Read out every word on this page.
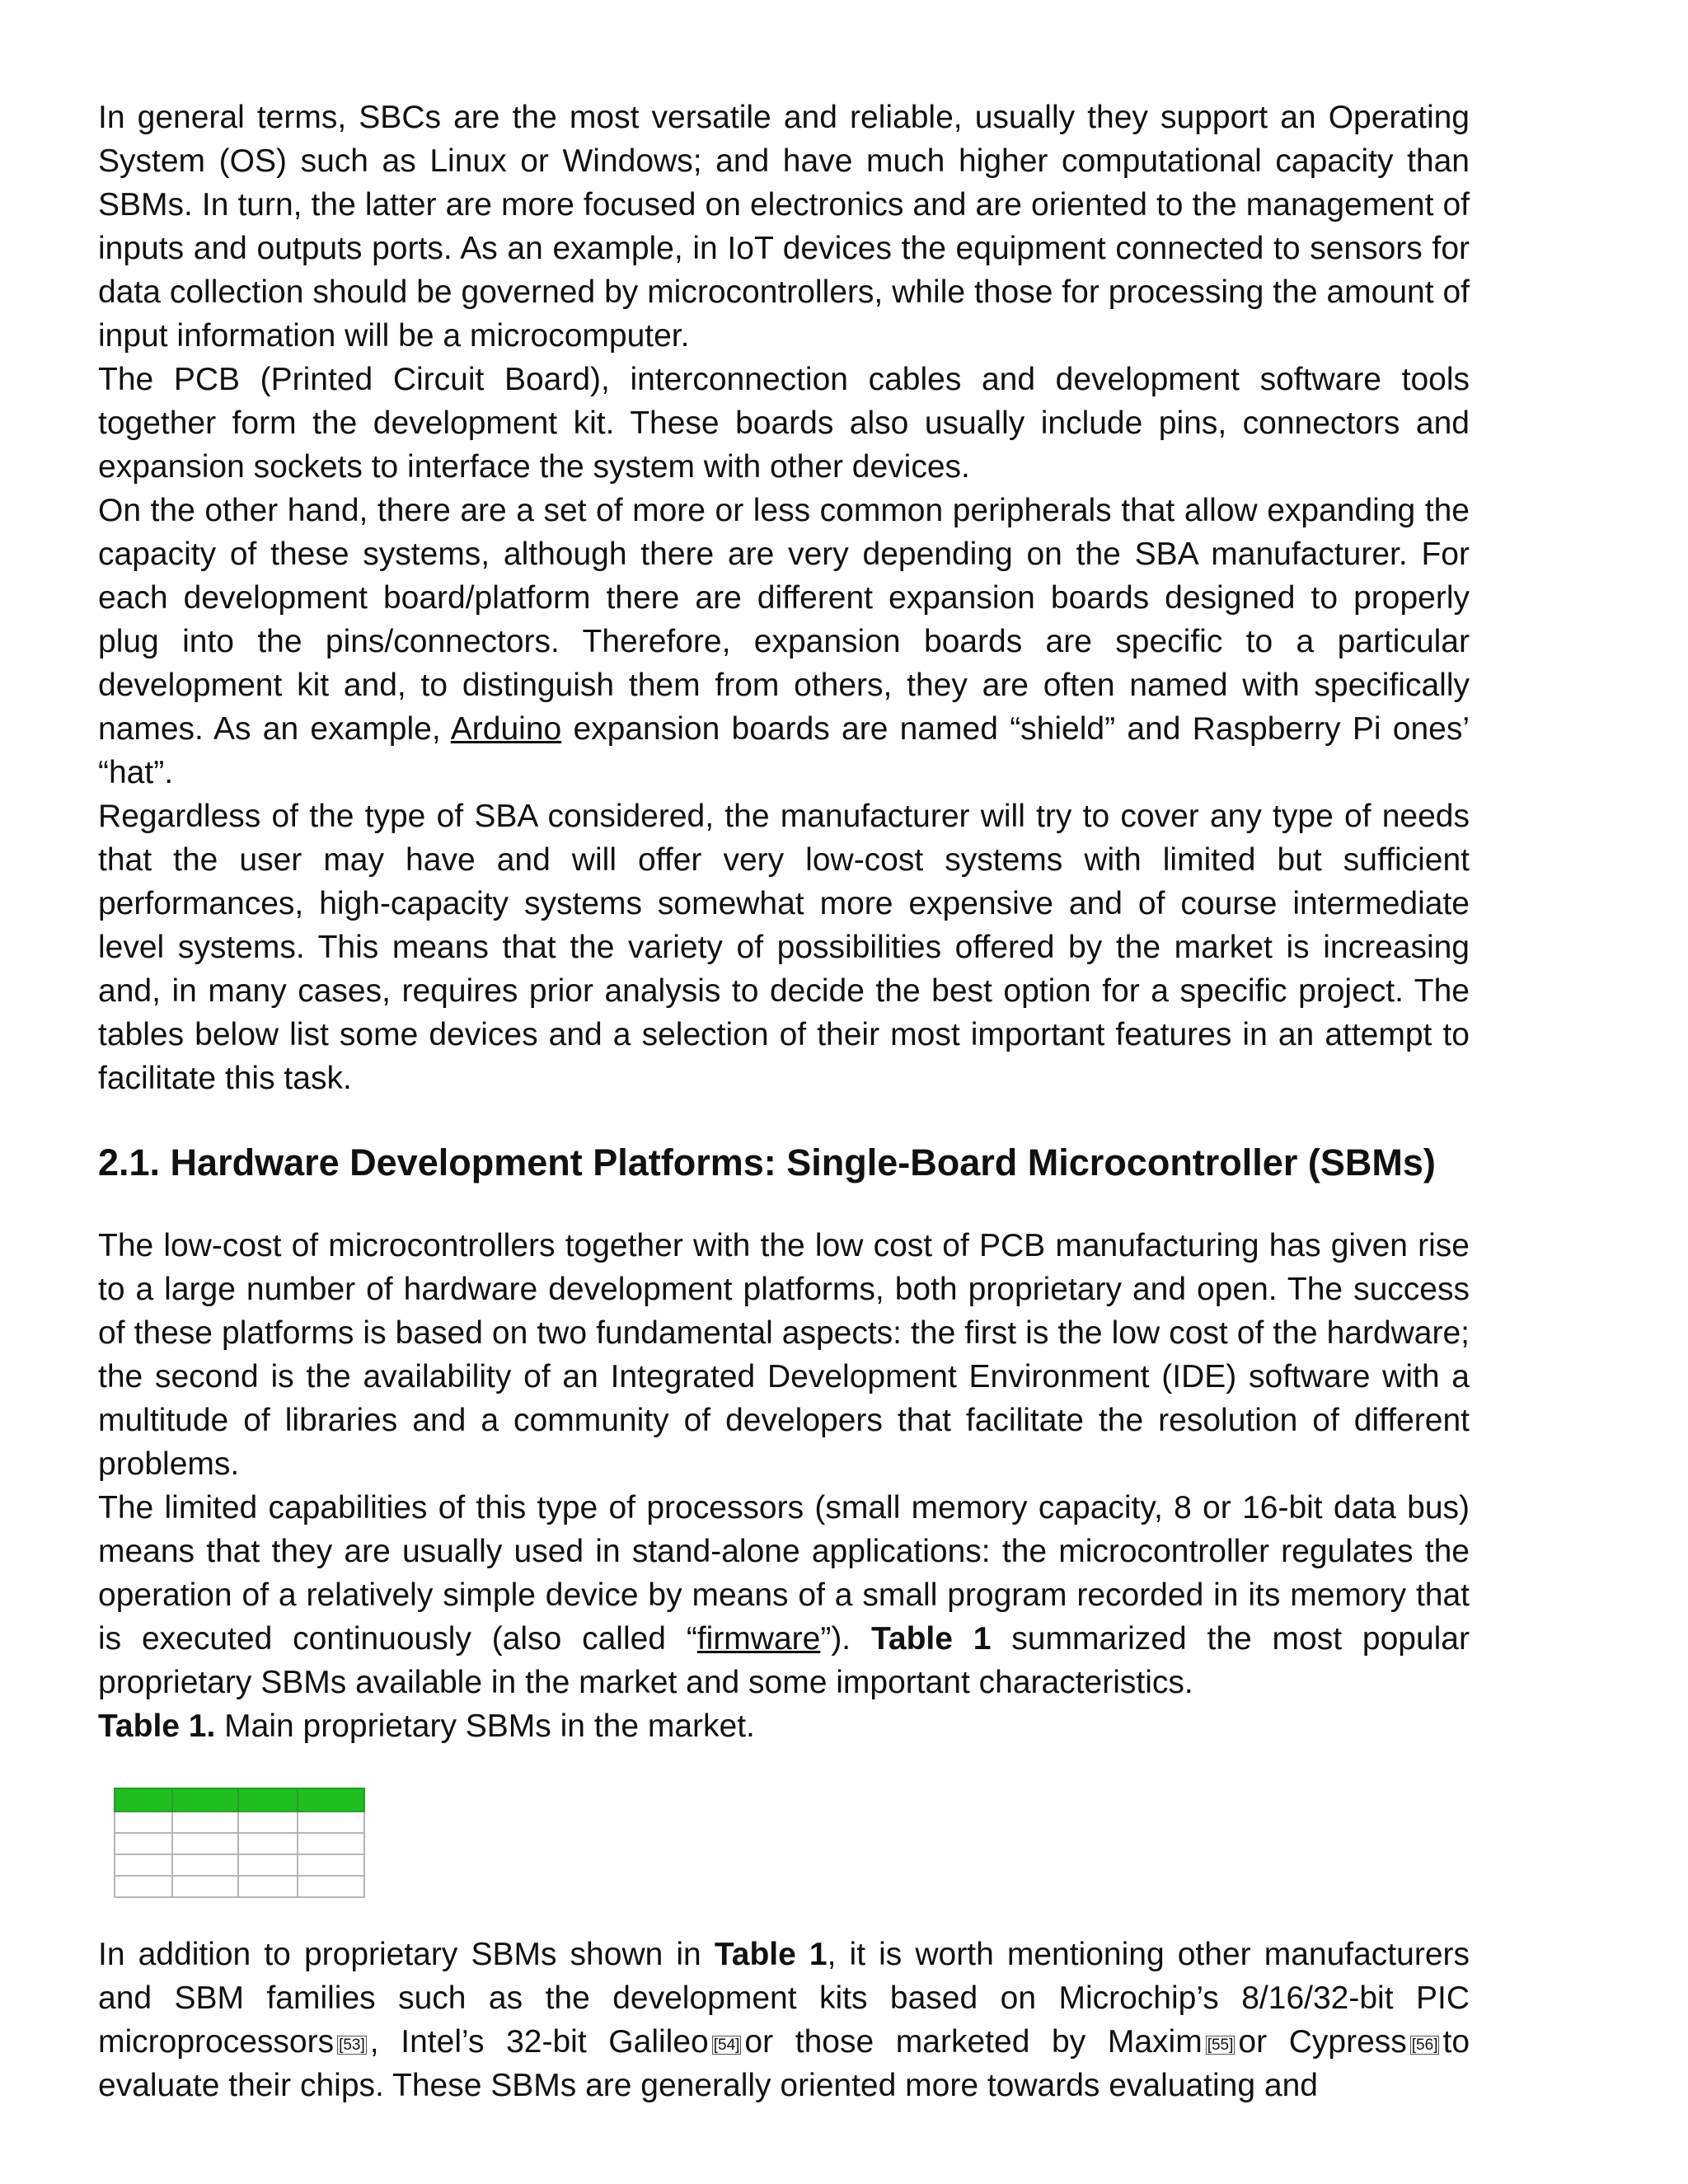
In general terms, SBCs are the most versatile and reliable, usually they support an Operating System (OS) such as Linux or Windows; and have much higher computational capacity than SBMs. In turn, the latter are more focused on electronics and are oriented to the management of inputs and outputs ports. As an example, in IoT devices the equipment connected to sensors for data collection should be governed by microcontrollers, while those for processing the amount of input information will be a microcomputer.

The PCB (Printed Circuit Board), interconnection cables and development software tools together form the development kit. These boards also usually include pins, connectors and expansion sockets to interface the system with other devices.

On the other hand, there are a set of more or less common peripherals that allow expanding the capacity of these systems, although there are very depending on the SBA manufacturer. For each development board/platform there are different expansion boards designed to properly plug into the pins/connectors. Therefore, expansion boards are specific to a particular development kit and, to distinguish them from others, they are often named with specifically names. As an example, Arduino expansion boards are named “shield” and Raspberry Pi ones’ “hat”.

Regardless of the type of SBA considered, the manufacturer will try to cover any type of needs that the user may have and will offer very low-cost systems with limited but sufficient performances, high-capacity systems somewhat more expensive and of course intermediate level systems. This means that the variety of possibilities offered by the market is increasing and, in many cases, requires prior analysis to decide the best option for a specific project. The tables below list some devices and a selection of their most important features in an attempt to facilitate this task.

2.1. Hardware Development Platforms: Single-Board Microcontroller (SBMs)

The low-cost of microcontrollers together with the low cost of PCB manufacturing has given rise to a large number of hardware development platforms, both proprietary and open. The success of these platforms is based on two fundamental aspects: the first is the low cost of the hardware; the second is the availability of an Integrated Development Environment (IDE) software with a multitude of libraries and a community of developers that facilitate the resolution of different problems.

The limited capabilities of this type of processors (small memory capacity, 8 or 16-bit data bus) means that they are usually used in stand-alone applications: the microcontroller regulates the operation of a relatively simple device by means of a small program recorded in its memory that is executed continuously (also called “firmware”). Table 1 summarized the most popular proprietary SBMs available in the market and some important characteristics.

Table 1. Main proprietary SBMs in the market.

In addition to proprietary SBMs shown in Table 1, it is worth mentioning other manufacturers and SBM families such as the development kits based on Microchip’s 8/16/32-bit PIC microprocessors [53] , Intel’s 32-bit Galileo [54] or those marketed by Maxim [55] or Cypress [56] to evaluate their chips. These SBMs are generally oriented more towards evaluating and
